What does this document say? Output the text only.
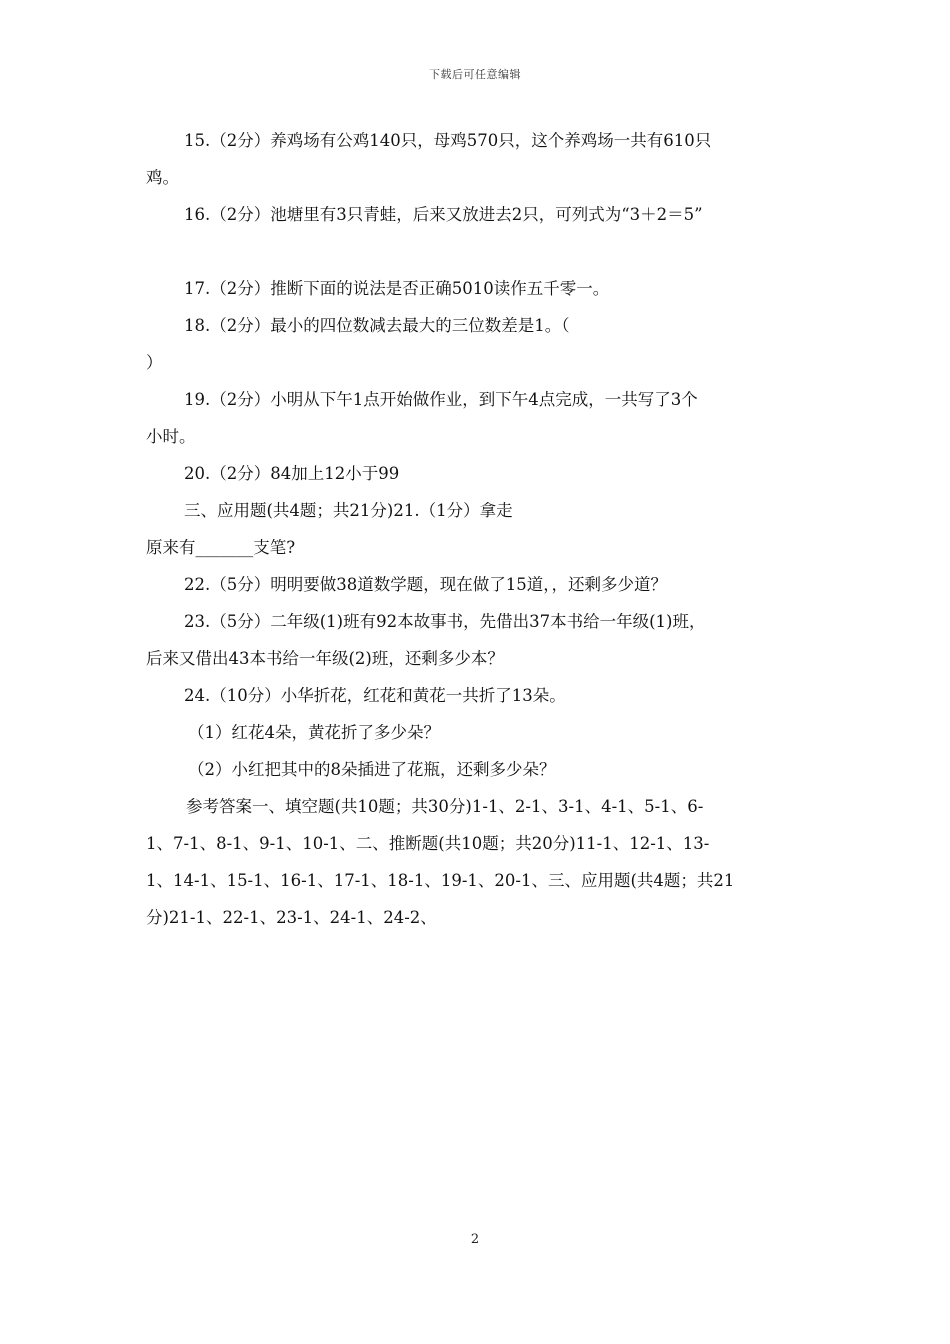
下载后可任意编辑

15.（2分）养鸡场有公鸡140只，母鸡570只，这个养鸡场一共有610只

鸡。

16.（2分）池塘里有3只青蛙，后来又放进去2只，可列式为“3＋2＝5”

17.（2分）推断下面的说法是否正确5010读作五千零一。

18.（2分）最小的四位数减去最大的三位数差是1。（

）

19.（2分）小明从下午1点开始做作业，到下午4点完成，一共写了3个

小时。

20.（2分）84加上12小于99

三、应用题(共4题；共21分)21.（1分）拿走

原来有_______支笔?

22.（5分）明明要做38道数学题，现在做了15道，，还剩多少道？

23.（5分）二年级(1)班有92本故事书，先借出37本书给一年级(1)班，

后来又借出43本书给一年级(2)班，还剩多少本？

24.（10分）小华折花，红花和黄花一共折了13朵。

（1）红花4朵，黄花折了多少朵？

（2）小红把其中的8朵插进了花瓶，还剩多少朵？

参考答案一、填空题(共10题；共30分)1-1、2-1、3-1、4-1、5-1、6-

1、7-1、8-1、9-1、10-1、二、推断题(共10题；共20分)11-1、12-1、13-

1、14-1、15-1、16-1、17-1、18-1、19-1、20-1、三、应用题(共4题；共21

分)21-1、22-1、23-1、24-1、24-2、

2
